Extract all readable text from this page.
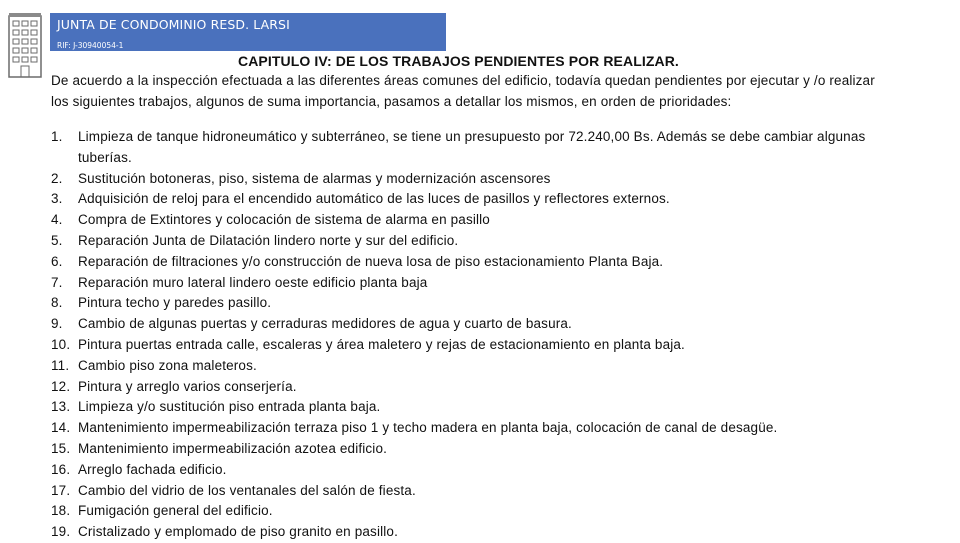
JUNTA DE CONDOMINIO RESD. LARSI
RIF: J-30940054-1
CAPITULO IV: DE LOS TRABAJOS PENDIENTES POR REALIZAR.
De acuerdo a la inspección efectuada a las diferentes áreas comunes del edificio, todavía quedan pendientes por ejecutar y /o realizar los siguientes trabajos, algunos de suma importancia, pasamos a detallar los mismos, en orden de prioridades:
1.	Limpieza de tanque hidroneumático y subterráneo, se tiene un presupuesto por 72.240,00 Bs. Además se debe cambiar algunas tuberías.
2.	Sustitución botoneras, piso, sistema de alarmas y modernización ascensores
3.	Adquisición de reloj para el encendido automático de las luces de pasillos y reflectores externos.
4.	Compra de Extintores y colocación de sistema de alarma en pasillo
5.	Reparación Junta de Dilatación lindero norte y sur del edificio.
6.	Reparación de filtraciones y/o construcción de nueva losa de piso estacionamiento Planta Baja.
7.	Reparación muro lateral lindero oeste edificio planta baja
8.	Pintura techo y paredes pasillo.
9.	Cambio de algunas puertas y cerraduras medidores de agua y cuarto de basura.
10. Pintura puertas entrada calle, escaleras y área maletero y rejas de estacionamiento en planta baja.
11. Cambio piso zona maleteros.
12. Pintura y arreglo varios conserjería.
13. Limpieza y/o sustitución piso entrada planta baja.
14. Mantenimiento impermeabilización terraza piso 1 y techo madera en planta baja, colocación de canal de desagüe.
15. Mantenimiento impermeabilización azotea edificio.
16. Arreglo fachada edificio.
17. Cambio del vidrio de los ventanales del salón de fiesta.
18. Fumigación general del edificio.
19. Cristalizado y emplomado de piso granito en pasillo.
